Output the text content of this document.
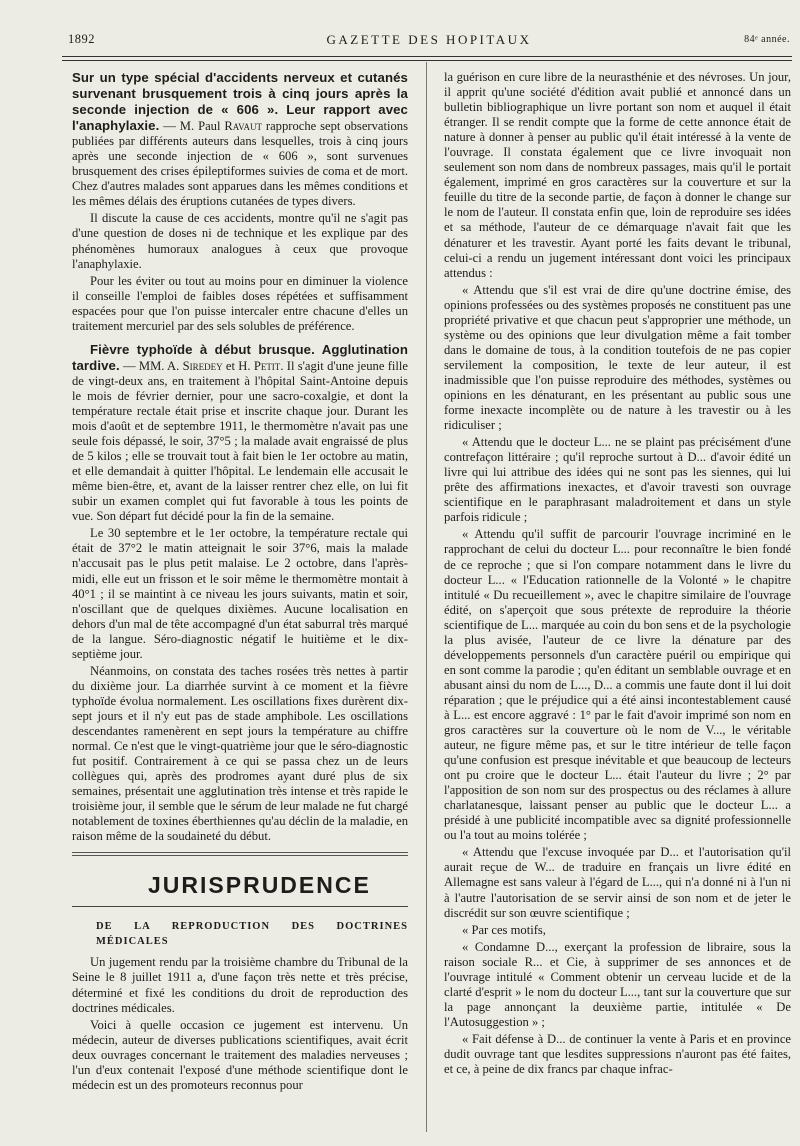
1892	GAZETTE DES HOPITAUX	84ᵉ année.

Sur un type spécial d'accidents nerveux et cutanés survenant brusquement trois à cinq jours après la seconde injection de « 606 ». Leur rapport avec l'anaphylaxie. — M. Paul Ravaut rapproche sept observations publiées par différents auteurs dans lesquelles, trois à cinq jours après une seconde injection de « 606 », sont survenues brusquement des crises épileptiformes suivies de coma et de mort. Chez d'autres malades sont apparues dans les mêmes conditions et les mêmes délais des éruptions cutanées de types divers.

Il discute la cause de ces accidents, montre qu'il ne s'agit pas d'une question de doses ni de technique et les explique par des phénomènes humoraux analogues à ceux que provoque l'anaphylaxie.

Pour les éviter ou tout au moins pour en diminuer la violence il conseille l'emploi de faibles doses répétées et suffisamment espacées pour que l'on puisse intercaler entre chacune d'elles un traitement mercuriel par des sels solubles de préférence.

Fièvre typhoïde à début brusque. Agglutination tardive. — MM. A. Siredey et H. Petit. Il s'agit d'une jeune fille de vingt-deux ans, en traitement à l'hôpital Saint-Antoine depuis le mois de février dernier, pour une sacro-coxalgie, et dont la température rectale était prise et inscrite chaque jour. Durant les mois d'août et de septembre 1911, le thermomètre n'avait pas une seule fois dépassé, le soir, 37°5 ; la malade avait engraissé de plus de 5 kilos ; elle se trouvait tout à fait bien le 1er octobre au matin, et elle demandait à quitter l'hôpital. Le lendemain elle accusait le même bien-être, et, avant de la laisser rentrer chez elle, on lui fit subir un examen complet qui fut favorable à tous les points de vue. Son départ fut décidé pour la fin de la semaine.

Le 30 septembre et le 1er octobre, la température rectale qui était de 37°2 le matin atteignait le soir 37°6, mais la malade n'accusait pas le plus petit malaise. Le 2 octobre, dans l'après-midi, elle eut un frisson et le soir même le thermomètre montait à 40°1 ; il se maintint à ce niveau les jours suivants, matin et soir, n'oscillant que de quelques dixièmes. Aucune localisation en dehors d'un mal de tête accompagné d'un état saburral très marqué de la langue. Séro-diagnostic négatif le huitième et le dix-septième jour.

Néanmoins, on constata des taches rosées très nettes à partir du dixième jour. La diarrhée survint à ce moment et la fièvre typhoïde évolua normalement. Les oscillations fixes durèrent dix-sept jours et il n'y eut pas de stade amphibole. Les oscillations descendantes ramenèrent en sept jours la température au chiffre normal. Ce n'est que le vingt-quatrième jour que le séro-diagnostic fut positif. Contrairement à ce qui se passa chez un de leurs collègues qui, après des prodromes ayant duré plus de six semaines, présentait une agglutination très intense et très rapide le troisième jour, il semble que le sérum de leur malade ne fut chargé notablement de toxines éberthiennes qu'au déclin de la maladie, en raison même de la soudaineté du début.

JURISPRUDENCE
DE LA REPRODUCTION DES DOCTRINES MÉDICALES

Un jugement rendu par la troisième chambre du Tribunal de la Seine le 8 juillet 1911 a, d'une façon très nette et très précise, déterminé et fixé les conditions du droit de reproduction des doctrines médicales.

Voici à quelle occasion ce jugement est intervenu. Un médecin, auteur de diverses publications scientifiques, avait écrit deux ouvrages concernant le traitement des maladies nerveuses ; l'un d'eux contenait l'exposé d'une méthode scientifique dont le médecin est un des promoteurs reconnus pour

la guérison en cure libre de la neurasthénie et des névroses. Un jour, il apprit qu'une société d'édition avait publié et annoncé dans un bulletin bibliographique un livre portant son nom et auquel il était étranger. Il se rendit compte que la forme de cette annonce était de nature à donner à penser au public qu'il était intéressé à la vente de l'ouvrage. Il constata également que ce livre invoquait non seulement son nom dans de nombreux passages, mais qu'il le portait également, imprimé en gros caractères sur la couverture et sur la feuille du titre de la seconde partie, de façon à donner le change sur le nom de l'auteur. Il constata enfin que, loin de reproduire ses idées et sa méthode, l'auteur de ce démarquage n'avait fait que les dénaturer et les travestir. Ayant porté les faits devant le tribunal, celui-ci a rendu un jugement intéressant dont voici les principaux attendus :

« Attendu que s'il est vrai de dire qu'une doctrine émise, des opinions professées ou des systèmes proposés ne constituent pas une propriété privative et que chacun peut s'approprier une méthode, un système ou des opinions que leur divulgation même a fait tomber dans le domaine de tous, à la condition toutefois de ne pas copier servilement la composition, le texte de leur auteur, il est inadmissible que l'on puisse reproduire des méthodes, systèmes ou opinions en les dénaturant, en les présentant au public sous une forme inexacte incomplète ou de nature à les travestir ou à les ridiculiser ;

« Attendu que le docteur L... ne se plaint pas précisément d'une contrefaçon littéraire ; qu'il reproche surtout à D... d'avoir édité un livre qui lui attribue des idées qui ne sont pas les siennes, qui lui prête des affirmations inexactes, et d'avoir travesti son ouvrage scientifique en le paraphrasant maladroitement et dans un style parfois ridicule ;

« Attendu qu'il suffit de parcourir l'ouvrage incriminé en le rapprochant de celui du docteur L... pour reconnaître le bien fondé de ce reproche ; que si l'on compare notamment dans le livre du docteur L... « l'Education rationnelle de la Volonté » le chapitre intitulé « Du recueillement », avec le chapitre similaire de l'ouvrage édité, on s'aperçoit que sous prétexte de reproduire la théorie scientifique de L... marquée au coin du bon sens et de la psychologie la plus avisée, l'auteur de ce livre la dénature par des développements personnels d'un caractère puéril ou empirique qui en sont comme la parodie ; qu'en éditant un semblable ouvrage et en abusant ainsi du nom de L..., D... a commis une faute dont il lui doit réparation ; que le préjudice qui a été ainsi incontestablement causé à L... est encore aggravé : 1° par le fait d'avoir imprimé son nom en gros caractères sur la couverture où le nom de V..., le véritable auteur, ne figure même pas, et sur le titre intérieur de telle façon qu'une confusion est presque inévitable et que beaucoup de lecteurs ont pu croire que le docteur L... était l'auteur du livre ; 2° par l'apposition de son nom sur des prospectus ou des réclames à allure charlatanesque, laissant penser au public que le docteur L... a présidé à une publicité incompatible avec sa dignité professionnelle ou l'a tout au moins tolérée ;

« Attendu que l'excuse invoquée par D... et l'autorisation qu'il aurait reçue de W... de traduire en français un livre édité en Allemagne est sans valeur à l'égard de L..., qui n'a donné ni à l'un ni à l'autre l'autorisation de se servir ainsi de son nom et de jeter le discrédit sur son œuvre scientifique ;

« Par ces motifs,

« Condamne D..., exerçant la profession de libraire, sous la raison sociale R... et Cie, à supprimer de ses annonces et de l'ouvrage intitulé « Comment obtenir un cerveau lucide et de la clarté d'esprit » le nom du docteur L..., tant sur la couverture que sur la page annonçant la deuxième partie, intitulée « De l'Autosuggestion » ;

« Fait défense à D... de continuer la vente à Paris et en province dudit ouvrage tant que lesdites suppressions n'auront pas été faites, et ce, à peine de dix francs par chaque infrac-
